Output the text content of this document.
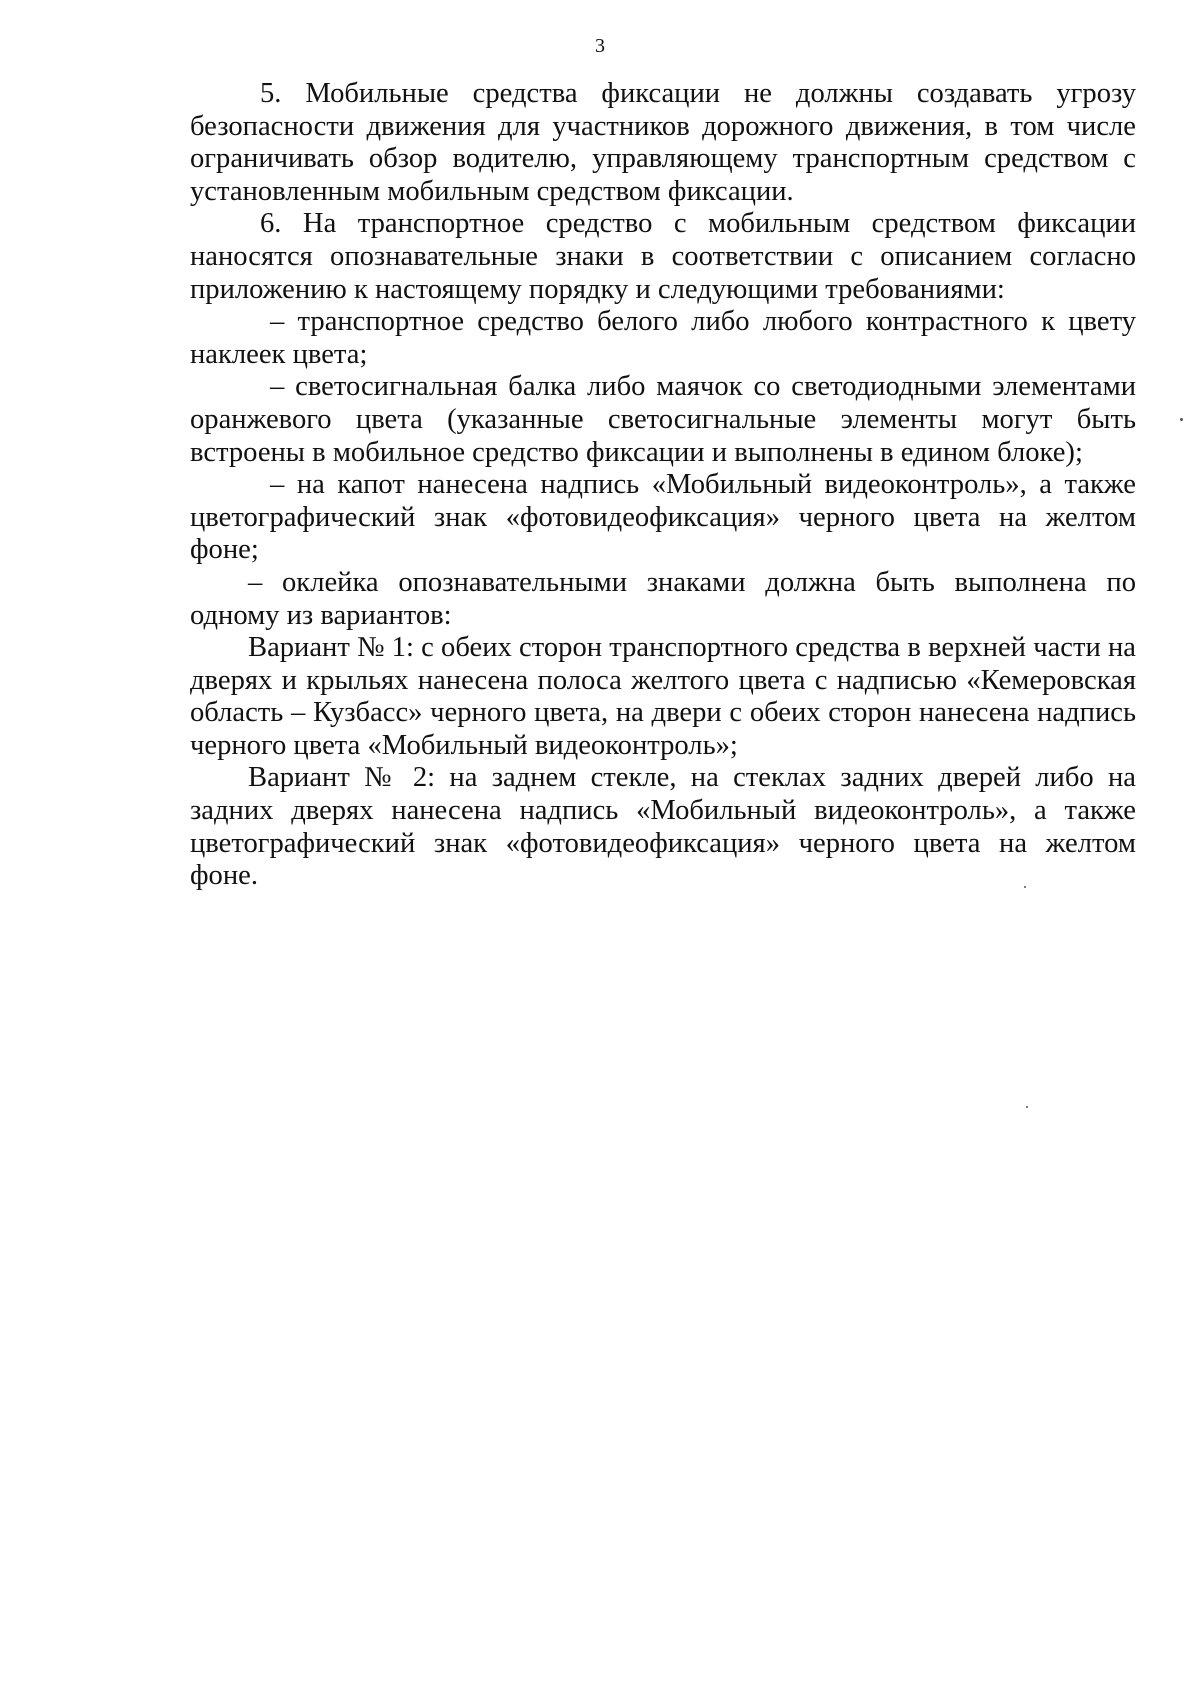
3

5. Мобильные средства фиксации не должны создавать угрозу безопасности движения для участников дорожного движения, в том числе ограничивать обзор водителю, управляющему транспортным средством с установленным мобильным средством фиксации.

6. На транспортное средство с мобильным средством фиксации наносятся опознавательные знаки в соответствии с описанием согласно приложению к настоящему порядку и следующими требованиями:

– транспортное средство белого либо любого контрастного к цвету наклеек цвета;

– светосигнальная балка либо маячок со светодиодными элементами оранжевого цвета (указанные светосигнальные элементы могут быть встроены в мобильное средство фиксации и выполнены в едином блоке);

– на капот нанесена надпись «Мобильный видеоконтроль», а также цветографический знак «фотовидеофиксация» черного цвета на желтом фоне;

– оклейка опознавательными знаками должна быть выполнена по одному из вариантов:

Вариант № 1: с обеих сторон транспортного средства в верхней части на дверях и крыльях нанесена полоса желтого цвета с надписью «Кемеровская область – Кузбасс» черного цвета, на двери с обеих сторон нанесена надпись черного цвета «Мобильный видеоконтроль»;

Вариант № 2: на заднем стекле, на стеклах задних дверей либо на задних дверях нанесена надпись «Мобильный видеоконтроль», а также цветографический знак «фотовидеофиксация» черного цвета на желтом фоне.
